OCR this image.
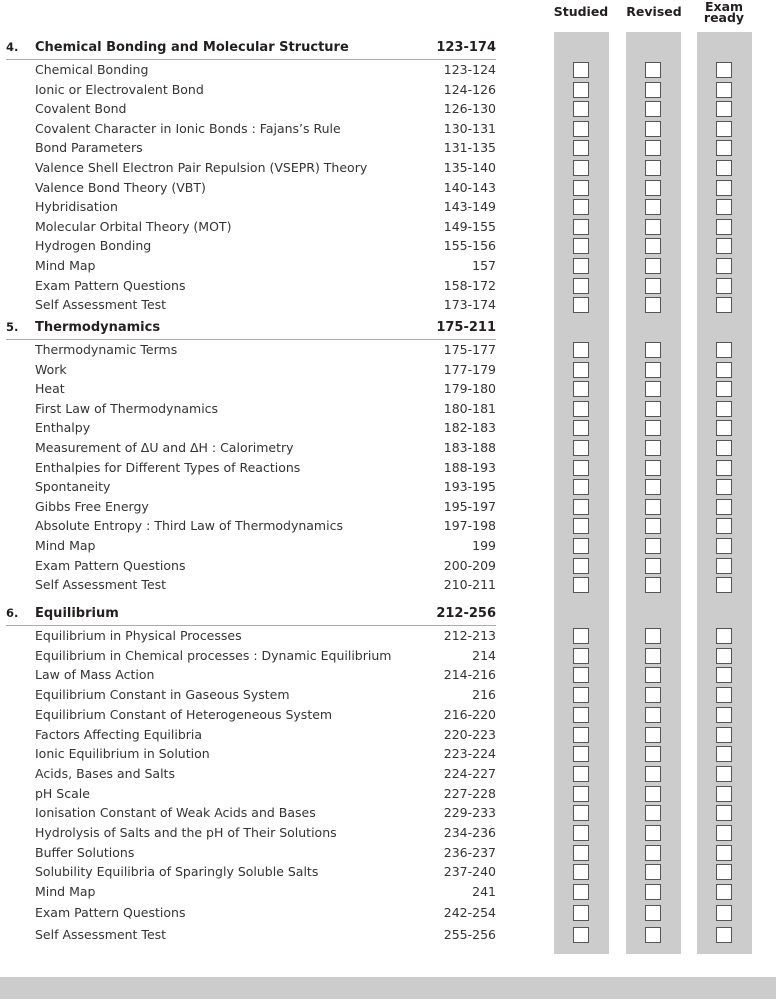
Studied Revised	Exam
ready
4. Chemical Bonding and Molecular Structure	123-174
Chemical Bonding	123-124
Ionic or Electrovalent Bond	124-126
Covalent Bond	126-130
Covalent Character in Ionic Bonds : Fajans’s Rule	130-131
Bond Parameters	131-135
Valence Shell Electron Pair Repulsion (VSEPR) Theory	135-140
Valence Bond Theory (VBT)	140-143
Hybridisation	143-149
Molecular Orbital Theory (MOT)	149-155
Hydrogen Bonding	155-156
Mind Map	157
Exam Pattern Questions	158-172
Self Assessment Test	173-174
5. Thermodynamics	175-211
Thermodynamic Terms	175-177
Work	177-179
Heat	179-180
First Law of Thermodynamics	180-181
Enthalpy	182-183
Measurement of ΔU and ΔH : Calorimetry	183-188
Enthalpies for Different Types of Reactions	188-193
Spontaneity	193-195
Gibbs Free Energy	195-197
Absolute Entropy : Third Law of Thermodynamics	197-198
Mind Map	199
Exam Pattern Questions	200-209
Self Assessment Test	210-211
6. Equilibrium	212-256
Equilibrium in Physical Processes	212-213
Equilibrium in Chemical processes : Dynamic Equilibrium	214
Law of Mass Action	214-216
Equilibrium Constant in Gaseous System	216
Equilibrium Constant of Heterogeneous System	216-220
Factors Affecting Equilibria	220-223
Ionic Equilibrium in Solution	223-224
Acids, Bases and Salts	224-227
pH Scale	227-228
Ionisation Constant of Weak Acids and Bases	229-233
Hydrolysis of Salts and the pH of Their Solutions	234-236
Buffer Solutions	236-237
Solubility Equilibria of Sparingly Soluble Salts	237-240
Mind Map	241
Exam Pattern Questions	242-254
Self Assessment Test	255-256
